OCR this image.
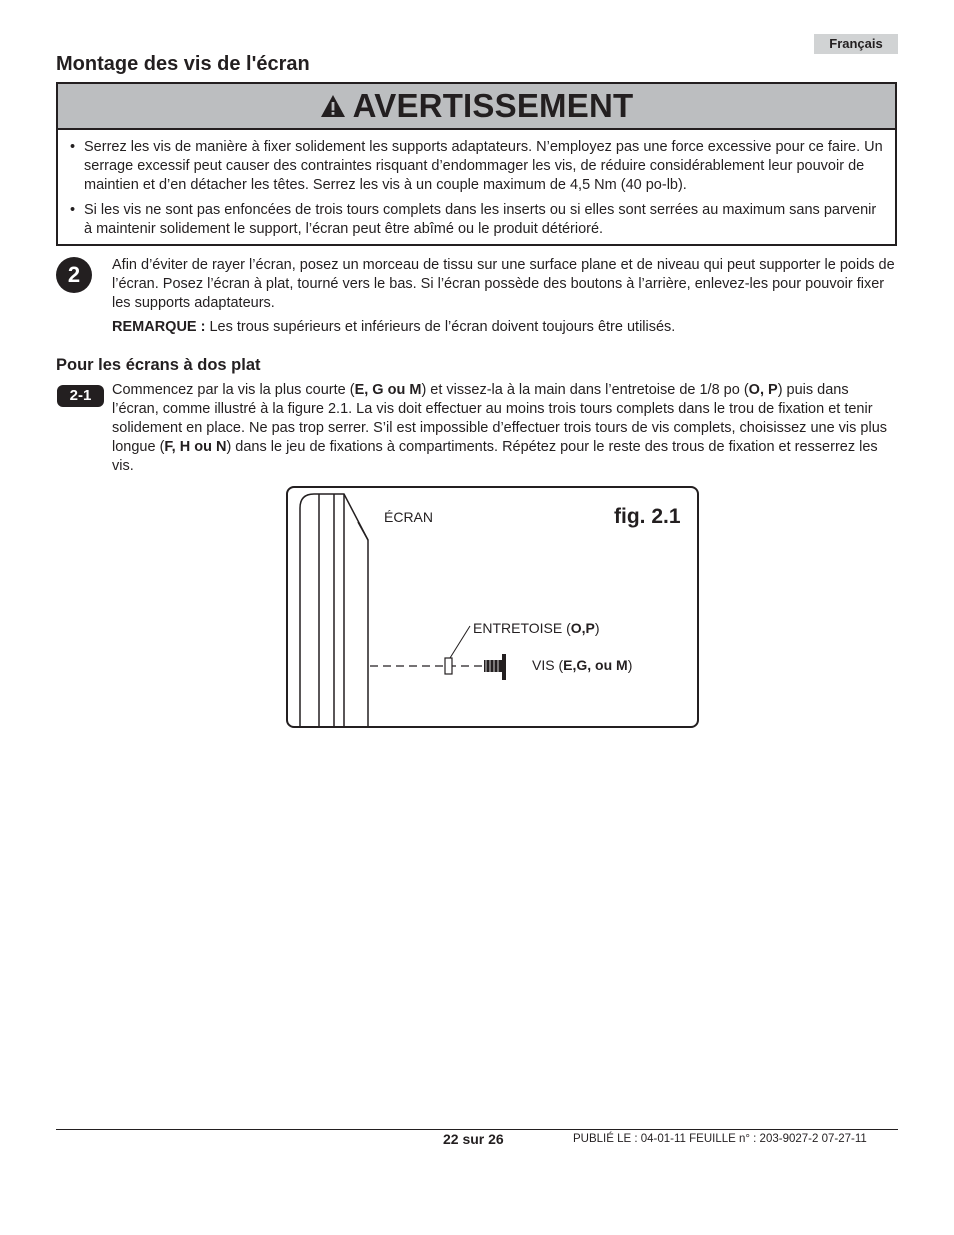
Français
Montage des vis de l'écran
AVERTISSEMENT
• Serrez les vis de manière à fixer solidement les supports adaptateurs. N’employez pas une force excessive pour ce faire. Un serrage excessif peut causer des contraintes risquant d’endommager les vis, de réduire considérablement leur pouvoir de maintien et d’en détacher les têtes. Serrez les vis à un couple maximum de 4,5 Nm (40 po-lb).
• Si les vis ne sont pas enfoncées de trois tours complets dans les inserts ou si elles sont serrées au maximum sans parvenir à maintenir solidement le support, l’écran peut être abîmé ou le produit détérioré.
2	Afin d’éviter de rayer l’écran, posez un morceau de tissu sur une surface plane et de niveau qui peut supporter le poids de l’écran. Posez l’écran à plat, tourné vers le bas. Si l’écran possède des boutons à l’arrière, enlevez-les pour pouvoir fixer les supports adaptateurs.
REMARQUE : Les trous supérieurs et inférieurs de l’écran doivent toujours être utilisés.
Pour les écrans à dos plat
2-1	Commencez par la vis la plus courte (E, G ou M) et vissez-la à la main dans l’entretoise de 1/8 po (O, P) puis dans l’écran, comme illustré à la figure 2.1. La vis doit effectuer au moins trois tours complets dans le trou de fixation et tenir solidement en place. Ne pas trop serrer. S’il est impossible d’effectuer trois tours de vis complets, choisissez une vis plus longue (F, H ou N) dans le jeu de fixations à compartiments. Répétez pour le reste des trous de fixation et resserrez les vis.
fig. 2.1
ÉCRAN
ENTRETOISE (O,P)
VIS (E,G, ou M)
22 sur 26	PUBLIÉ LE : 04-01-11 FEUILLE n° : 203-9027-2 07-27-11
